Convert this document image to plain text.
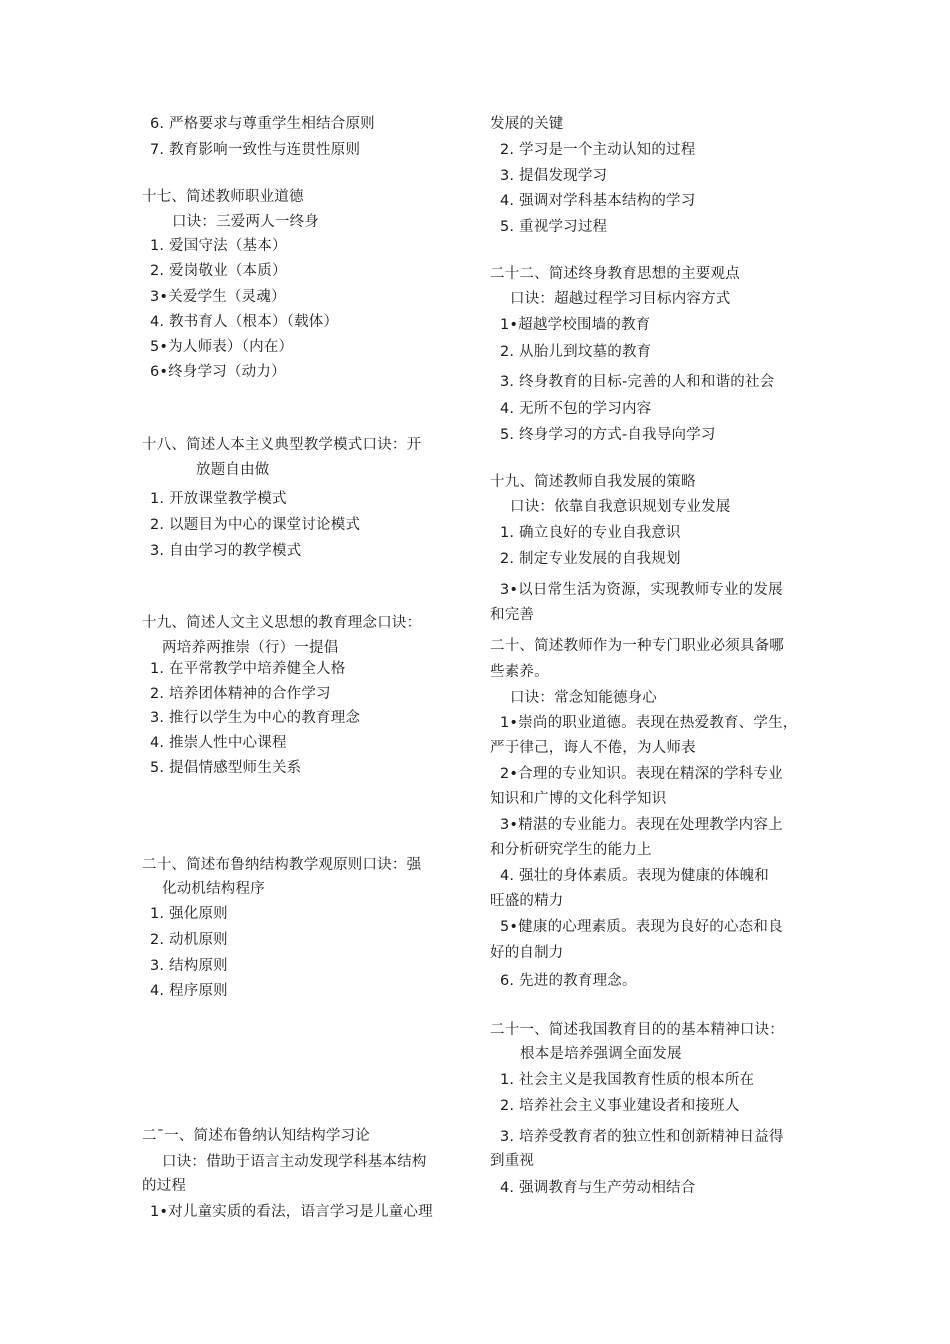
6. 严格要求与尊重学生相结合原则
7. 教育影响一致性与连贯性原则
十七、简述教师职业道德
口诀：三爱两人一终身
1. 爱国守法（基本）
2. 爱岗敬业（本质）
3•关爱学生（灵魂）
4. 教书育人（根本）（载体）
5•为人师表）（内在）
6•终身学习（动力）
十八、简述人本主义典型教学模式口诀：开
放题自由做
1. 开放课堂教学模式
2. 以题目为中心的课堂讨论模式
3. 自由学习的教学模式
十九、简述人文主义思想的教育理念口诀：
两培养两推崇（行）一提倡
1. 在平常教学中培养健全人格
2. 培养团体精神的合作学习
3. 推行以学生为中心的教育理念
4. 推崇人性中心课程
5. 提倡情感型师生关系
二十、简述布鲁纳结构教学观原则口诀：强
化动机结构程序
1. 强化原则
2. 动机原则
3. 结构原则
4. 程序原则
二ˉ一、简述布鲁纳认知结构学习论
口诀：借助于语言主动发现学科基本结构
的过程
1•对儿童实质的看法，语言学习是儿童心理
发展的关键
2. 学习是一个主动认知的过程
3. 提倡发现学习
4. 强调对学科基本结构的学习
5. 重视学习过程
二十二、简述终身教育思想的主要观点
口诀：超越过程学习目标内容方式
1•超越学校围墙的教育
2. 从胎儿到坟墓的教育
3. 终身教育的目标-完善的人和和谐的社会
4. 无所不包的学习内容
5. 终身学习的方式-自我导向学习
十九、简述教师自我发展的策略
口诀：依靠自我意识规划专业发展
1. 确立良好的专业自我意识
2. 制定专业发展的自我规划
3•以日常生活为资源，实现教师专业的发展
和完善
二十、简述教师作为一种专门职业必须具备哪
些素养。
口诀：常念知能德身心
1•崇尚的职业道德。表现在热爱教育、学生，
严于律己，诲人不倦，为人师表
2•合理的专业知识。表现在精深的学科专业
知识和广博的文化科学知识
3•精湛的专业能力。表现在处理教学内容上
和分析研究学生的能力上
4. 强壮的身体素质。表现为健康的体魄和
旺盛的精力
5•健康的心理素质。表现为良好的心态和良
好的自制力
6. 先进的教育理念。
二十一、简述我国教育目的的基本精神口诀：
根本是培养强调全面发展
1. 社会主义是我国教育性质的根本所在
2. 培养社会主义事业建设者和接班人
3. 培养受教育者的独立性和创新精神日益得
到重视
4. 强调教育与生产劳动相结合
